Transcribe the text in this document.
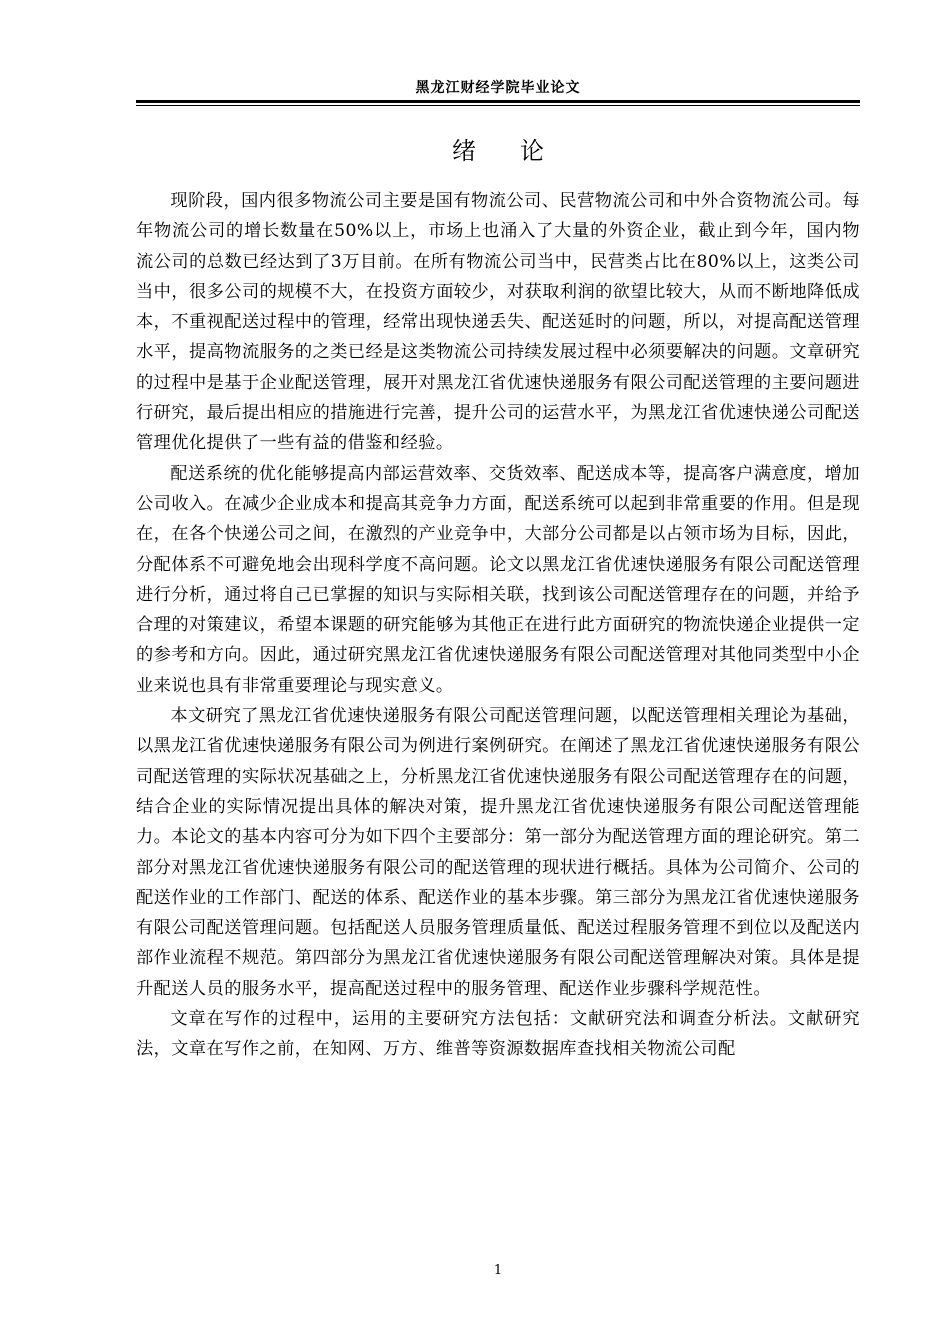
黑龙江财经学院毕业论文
绪 论

现阶段，国内很多物流公司主要是国有物流公司、民营物流公司和中外合资物流公司。每年物流公司的增长数量在50%以上，市场上也涌入了大量的外资企业，截止到今年，国内物流公司的总数已经达到了3万目前。在所有物流公司当中，民营类占比在80%以上，这类公司当中，很多公司的规模不大，在投资方面较少，对获取利润的欲望比较大，从而不断地降低成本，不重视配送过程中的管理，经常出现快递丢失、配送延时的问题，所以，对提高配送管理水平，提高物流服务的之类已经是这类物流公司持续发展过程中必须要解决的问题。文章研究的过程中是基于企业配送管理，展开对黑龙江省优速快递服务有限公司配送管理的主要问题进行研究，最后提出相应的措施进行完善，提升公司的运营水平，为黑龙江省优速快递公司配送管理优化提供了一些有益的借鉴和经验。

配送系统的优化能够提高内部运营效率、交货效率、配送成本等，提高客户满意度，增加公司收入。在减少企业成本和提高其竞争力方面，配送系统可以起到非常重要的作用。但是现在，在各个快递公司之间，在激烈的产业竞争中，大部分公司都是以占领市场为目标，因此，分配体系不可避免地会出现科学度不高问题。论文以黑龙江省优速快递服务有限公司配送管理进行分析，通过将自己已掌握的知识与实际相关联，找到该公司配送管理存在的问题，并给予合理的对策建议，希望本课题的研究能够为其他正在进行此方面研究的物流快递企业提供一定的参考和方向。因此，通过研究黑龙江省优速快递服务有限公司配送管理对其他同类型中小企业来说也具有非常重要理论与现实意义。

本文研究了黑龙江省优速快递服务有限公司配送管理问题，以配送管理相关理论为基础，以黑龙江省优速快递服务有限公司为例进行案例研究。在阐述了黑龙江省优速快递服务有限公司配送管理的实际状况基础之上，分析黑龙江省优速快递服务有限公司配送管理存在的问题，结合企业的实际情况提出具体的解决对策，提升黑龙江省优速快递服务有限公司配送管理能力。本论文的基本内容可分为如下四个主要部分：第一部分为配送管理方面的理论研究。第二部分对黑龙江省优速快递服务有限公司的配送管理的现状进行概括。具体为公司简介、公司的配送作业的工作部门、配送的体系、配送作业的基本步骤。第三部分为黑龙江省优速快递服务有限公司配送管理问题。包括配送人员服务管理质量低、配送过程服务管理不到位以及配送内部作业流程不规范。第四部分为黑龙江省优速快递服务有限公司配送管理解决对策。具体是提升配送人员的服务水平，提高配送过程中的服务管理、配送作业步骤科学规范性。

文章在写作的过程中，运用的主要研究方法包括：文献研究法和调查分析法。文献研究法，文章在写作之前，在知网、万方、维普等资源数据库查找相关物流公司配

1
